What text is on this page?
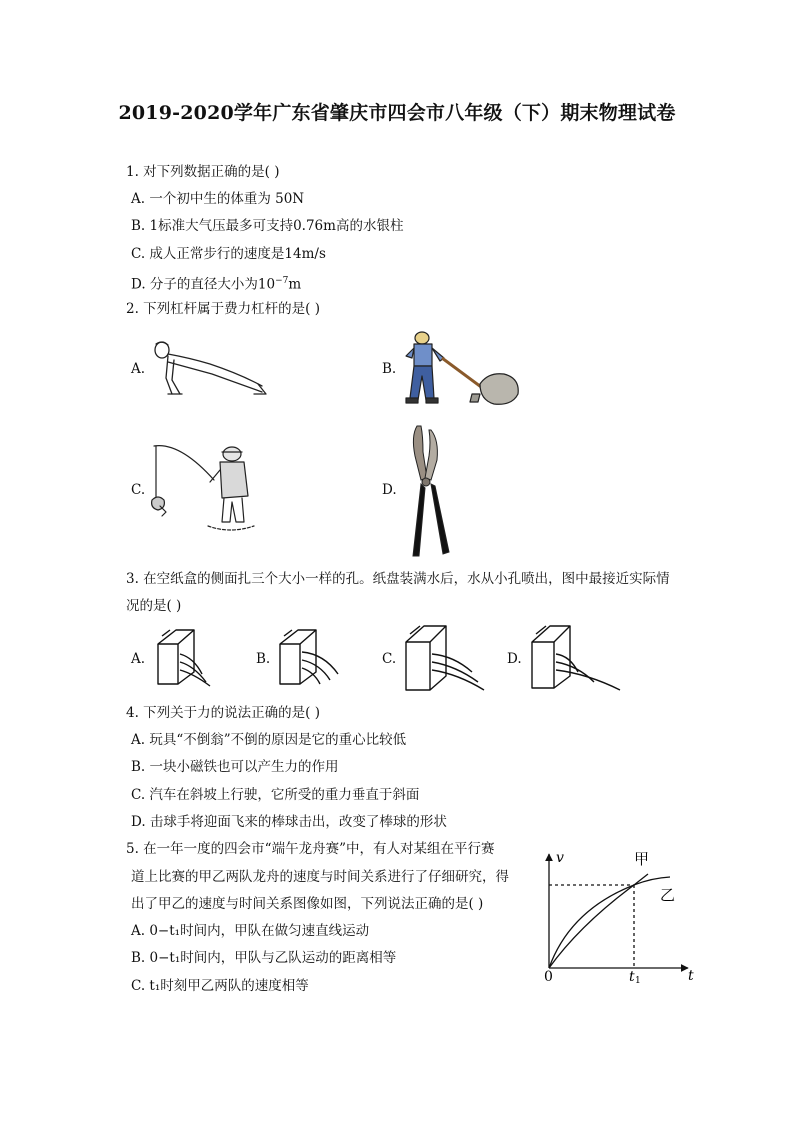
2019-2020学年广东省肇庆市四会市八年级（下）期末物理试卷
1. 对下列数据正确的是( )
A. 一个初中生的体重为 50N
B. 1标准大气压最多可支持0.76m高的水银柱
C. 成人正常步行的速度是14m/s
D. 分子的直径大小为$10^{-7}m$
2. 下列杠杆属于费力杠杆的是( )
A.	B.
C.	D.
3. 在空纸盒的侧面扎三个大小一样的孔。纸盘装满水后，水从小孔喷出，图中最接近实际情
况的是( )
A.	B.	C.	D.
4. 下列关于力的说法正确的是( )
A. 玩具“不倒翁”不倒的原因是它的重心比较低
B. 一块小磁铁也可以产生力的作用
C. 汽车在斜坡上行驶，它所受的重力垂直于斜面
D. 击球手将迎面飞来的棒球击出，改变了棒球的形状
5. 在一年一度的四会市“端午龙舟赛”中，有人对某组在平行赛
道上比赛的甲乙两队龙舟的速度与时间关系进行了仔细研究，得
出了甲乙的速度与时间关系图像如图，下列说法正确的是( )
A. 0−t₁时间内，甲队在做匀速直线运动
B. 0−t₁时间内，甲队与乙队运动的距离相等
C. t₁时刻甲乙两队的速度相等
v
t
0	t 1
甲
乙
